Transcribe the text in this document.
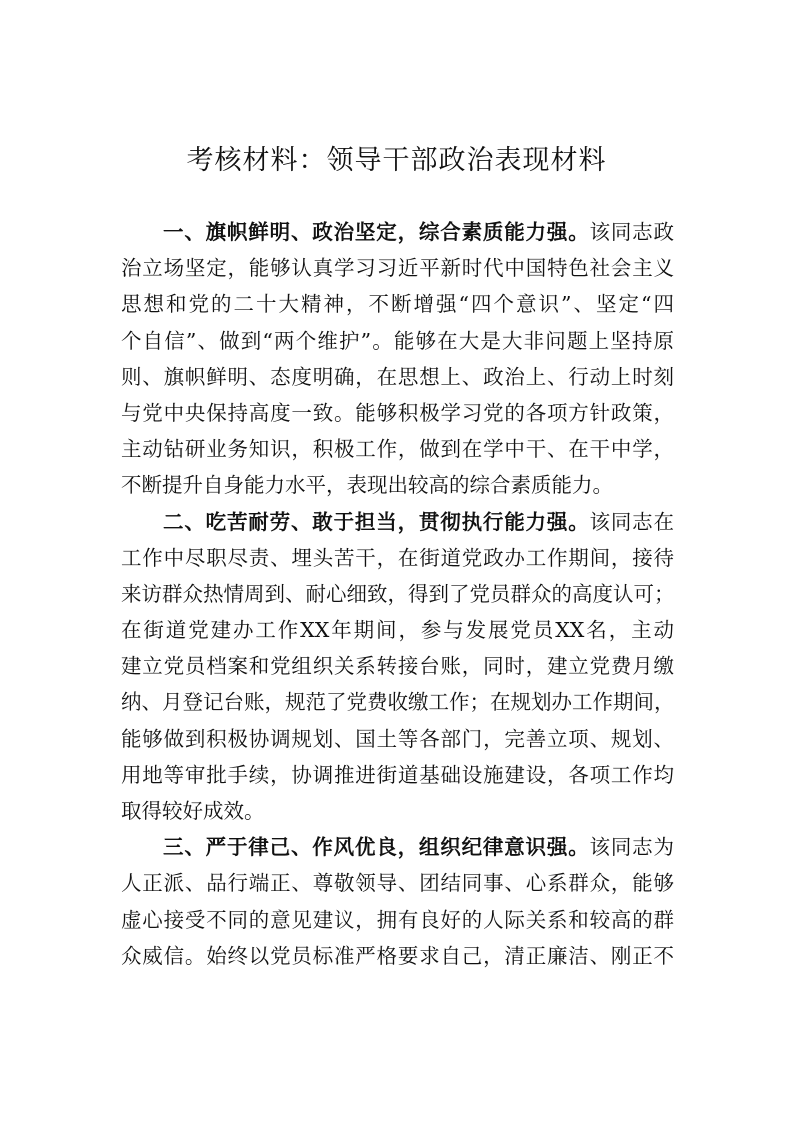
考核材料：领导干部政治表现材料
一、旗帜鲜明、政治坚定，综合素质能力强。该同志政
治立场坚定，能够认真学习习近平新时代中国特色社会主义
思想和党的二十大精神，不断增强“四个意识”、坚定“四
个自信”、做到“两个维护”。能够在大是大非问题上坚持原
则、旗帜鲜明、态度明确，在思想上、政治上、行动上时刻
与党中央保持高度一致。能够积极学习党的各项方针政策，
主动钻研业务知识，积极工作，做到在学中干、在干中学，
不断提升自身能力水平，表现出较高的综合素质能力。
二、吃苦耐劳、敢于担当，贯彻执行能力强。该同志在
工作中尽职尽责、埋头苦干，在街道党政办工作期间，接待
来访群众热情周到、耐心细致，得到了党员群众的高度认可；
在街道党建办工作XX年期间，参与发展党员XX名，主动
建立党员档案和党组织关系转接台账，同时，建立党费月缴
纳、月登记台账，规范了党费收缴工作；在规划办工作期间，
能够做到积极协调规划、国土等各部门，完善立项、规划、
用地等审批手续，协调推进街道基础设施建设，各项工作均
取得较好成效。
三、严于律己、作风优良，组织纪律意识强。该同志为
人正派、品行端正、尊敬领导、团结同事、心系群众，能够
虚心接受不同的意见建议，拥有良好的人际关系和较高的群
众威信。始终以党员标准严格要求自己，清正廉洁、刚正不
